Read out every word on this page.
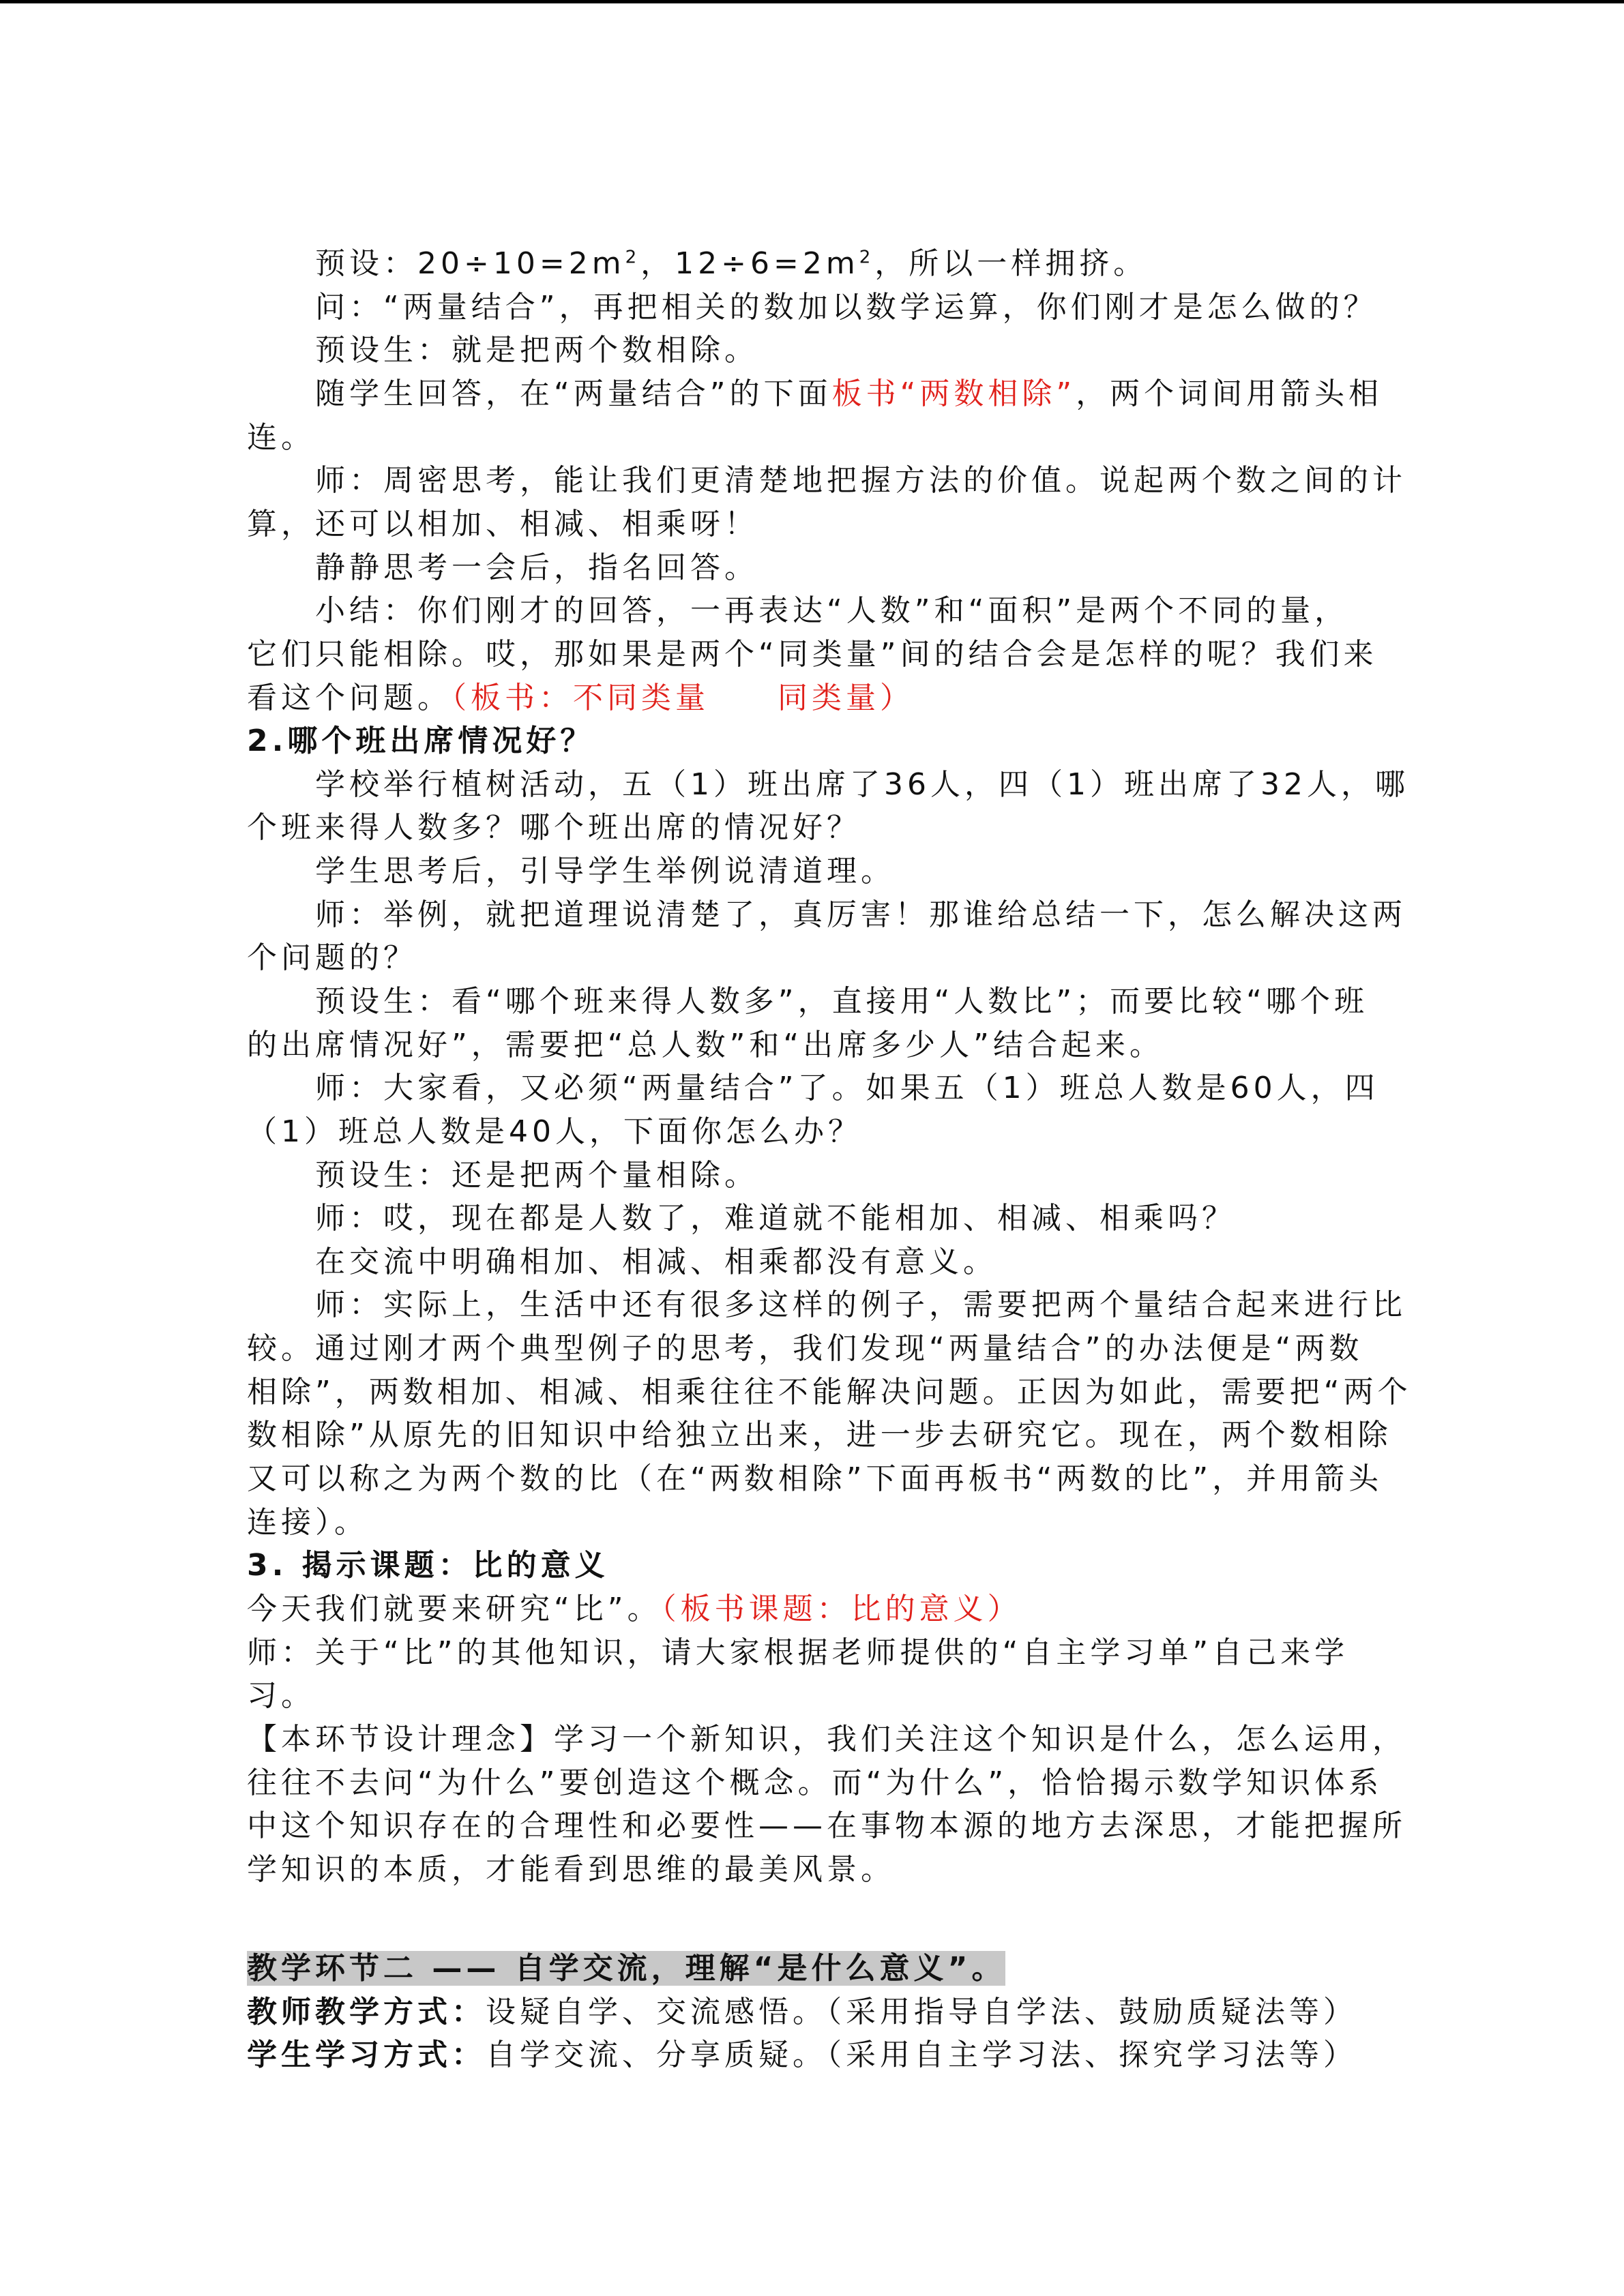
预设：$20\div 10=2m^2$，$12\div 6=2m^2$，所以一样拥挤。
问：“两量结合”，再把相关的数加以数学运算，你们刚才是怎么做的？
预设生：就是把两个数相除。
随学生回答，在“两量结合”的下面板书“两数相除”，两个词间用箭头相
连。
师：周密思考，能让我们更清楚地把握方法的价值。说起两个数之间的计
算，还可以相加、相减、相乘呀！
静静思考一会后，指名回答。
小结：你们刚才的回答，一再表达“人数”和“面积”是两个不同的量，
它们只能相除。哎，那如果是两个“同类量”间的结合会是怎样的呢？我们来
看这个问题。（板书：不同类量　　同类量）
2.哪个班出席情况好？
学校举行植树活动，五（1）班出席了36人，四（1）班出席了32人，哪
个班来得人数多？哪个班出席的情况好？
学生思考后，引导学生举例说清道理。
师：举例，就把道理说清楚了，真厉害！那谁给总结一下，怎么解决这两
个问题的？
预设生：看“哪个班来得人数多”，直接用“人数比”；而要比较“哪个班
的出席情况好”，需要把“总人数”和“出席多少人”结合起来。
师：大家看，又必须“两量结合”了。如果五（1）班总人数是60人，四
（1）班总人数是40人，下面你怎么办？
预设生：还是把两个量相除。
师：哎，现在都是人数了，难道就不能相加、相减、相乘吗？
在交流中明确相加、相减、相乘都没有意义。
师：实际上，生活中还有很多这样的例子，需要把两个量结合起来进行比
较。通过刚才两个典型例子的思考，我们发现“两量结合”的办法便是“两数
相除”，两数相加、相减、相乘往往不能解决问题。正因为如此，需要把“两个
数相除”从原先的旧知识中给独立出来，进一步去研究它。现在，两个数相除
又可以称之为两个数的比（在“两数相除”下面再板书“两数的比”，并用箭头
连接）。
3. 揭示课题：比的意义
今天我们就要来研究“比”。（板书课题：比的意义）
师：关于“比”的其他知识，请大家根据老师提供的“自主学习单”自己来学
习。
【本环节设计理念】学习一个新知识，我们关注这个知识是什么，怎么运用，
往往不去问“为什么”要创造这个概念。而“为什么”，恰恰揭示数学知识体系
中这个知识存在的合理性和必要性——在事物本源的地方去深思，才能把握所
学知识的本质，才能看到思维的最美风景。
教学环节二 —— 自学交流，理解“是什么意义”。
教师教学方式：设疑自学、交流感悟。（采用指导自学法、鼓励质疑法等）
学生学习方式：自学交流、分享质疑。（采用自主学习法、探究学习法等）
